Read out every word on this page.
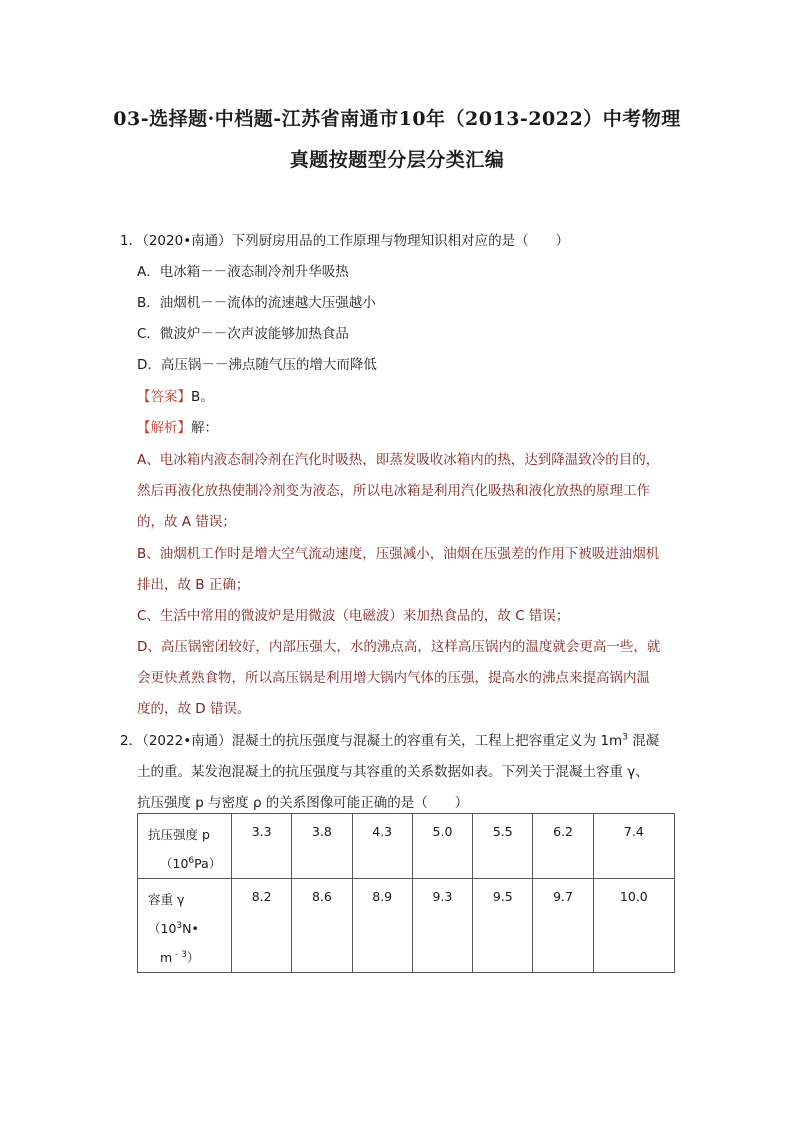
03-选择题·中档题-江苏省南通市10年（2013-2022）中考物理
真题按题型分层分类汇编
1．（2020•南通）下列厨房用品的工作原理与物理知识相对应的是（　　）
A．电冰箱－－液态制冷剂升华吸热
B．油烟机－－流体的流速越大压强越小
C．微波炉－－次声波能够加热食品
D．高压锅－－沸点随气压的增大而降低
【答案】B。
【解析】解：
A、电冰箱内液态制冷剂在汽化时吸热，即蒸发吸收冰箱内的热，达到降温致冷的目的，
然后再液化放热使制冷剂变为液态，所以电冰箱是利用汽化吸热和液化放热的原理工作
的，故 A 错误；
B、油烟机工作时是增大空气流动速度，压强减小，油烟在压强差的作用下被吸进油烟机
排出，故 B 正确；
C、生活中常用的微波炉是用微波（电磁波）来加热食品的，故 C 错误；
D、高压锅密闭较好，内部压强大，水的沸点高，这样高压锅内的温度就会更高一些，就
会更快煮熟食物，所以高压锅是利用增大锅内气体的压强，提高水的沸点来提高锅内温
度的，故 D 错误。
2．（2022•南通）混凝土的抗压强度与混凝土的容重有关，工程上把容重定义为 $1m^3$ 混凝
土的重。某发泡混凝土的抗压强度与其容重的关系数据如表。下列关于混凝土容重 γ、
抗压强度 p 与密度 ρ 的关系图像可能正确的是（　　）
抗压强度 p
$(10^6Pa)$	3.3	3.8	4.3	5.0	5.5	6.2	7.4
容重 $\gamma(10^3N•$
$m^{﹣3}$）	8.2	8.6	8.9	9.3	9.5	9.7	10.0
